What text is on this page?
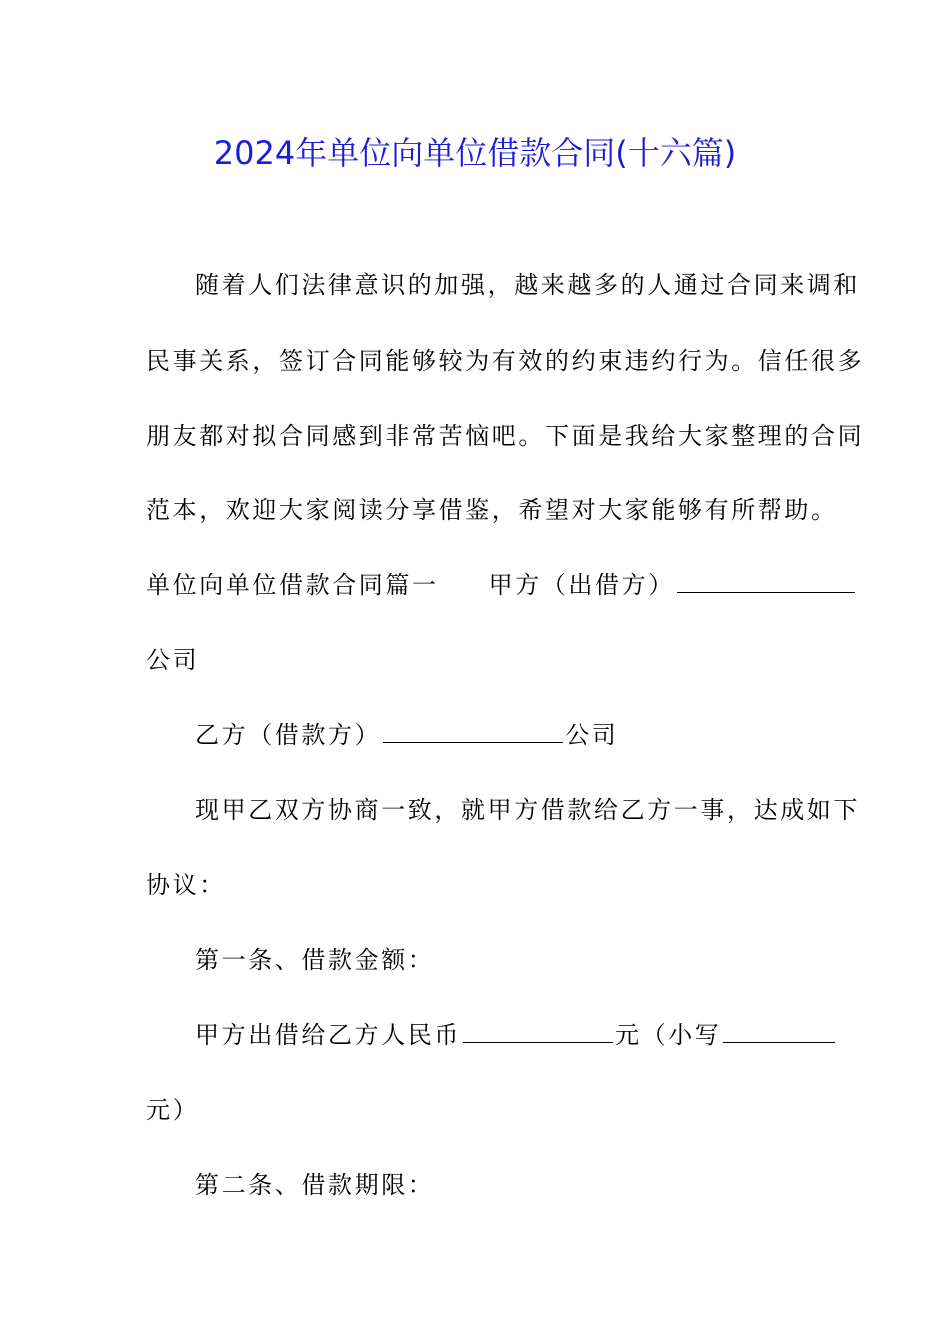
2024年单位向单位借款合同(十六篇)
随着人们法律意识的加强，越来越多的人通过合同来调和
民事关系，签订合同能够较为有效的约束违约行为。信任很多
朋友都对拟合同感到非常苦恼吧。下面是我给大家整理的合同
范本，欢迎大家阅读分享借鉴，希望对大家能够有所帮助。
单位向单位借款合同篇一 甲方（出借方）
公司
乙方（借款方）	公司
现甲乙双方协商一致，就甲方借款给乙方一事，达成如下
协议：
第一条、借款金额：
甲方出借给乙方人民币	元（小写
元）
第二条、借款期限：
